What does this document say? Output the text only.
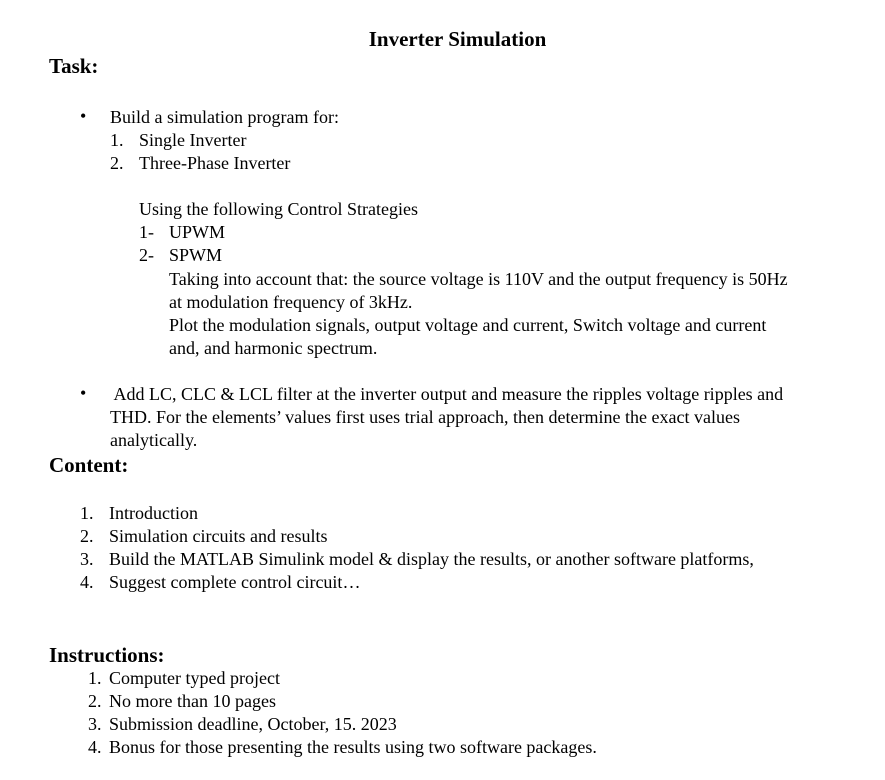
Inverter Simulation
Task:
• Build a simulation program for:
1. Single Inverter
2. Three-Phase Inverter
Using the following Control Strategies
1- UPWM
2- SPWM
Taking into account that: the source voltage is 110V and the output frequency is 50Hz
at modulation frequency of 3kHz.
Plot the modulation signals, output voltage and current, Switch voltage and current
and, and harmonic spectrum.
• Add LC, CLC & LCL filter at the inverter output and measure the ripples voltage ripples and
THD. For the elements’ values first uses trial approach, then determine the exact values
analytically.
Content:
1. Introduction
2. Simulation circuits and results
3. Build the MATLAB Simulink model & display the results, or another software platforms,
4. Suggest complete control circuit…
Instructions:
1. Computer typed project
2. No more than 10 pages
3. Submission deadline, October, 15. 2023
4. Bonus for those presenting the results using two software packages.
